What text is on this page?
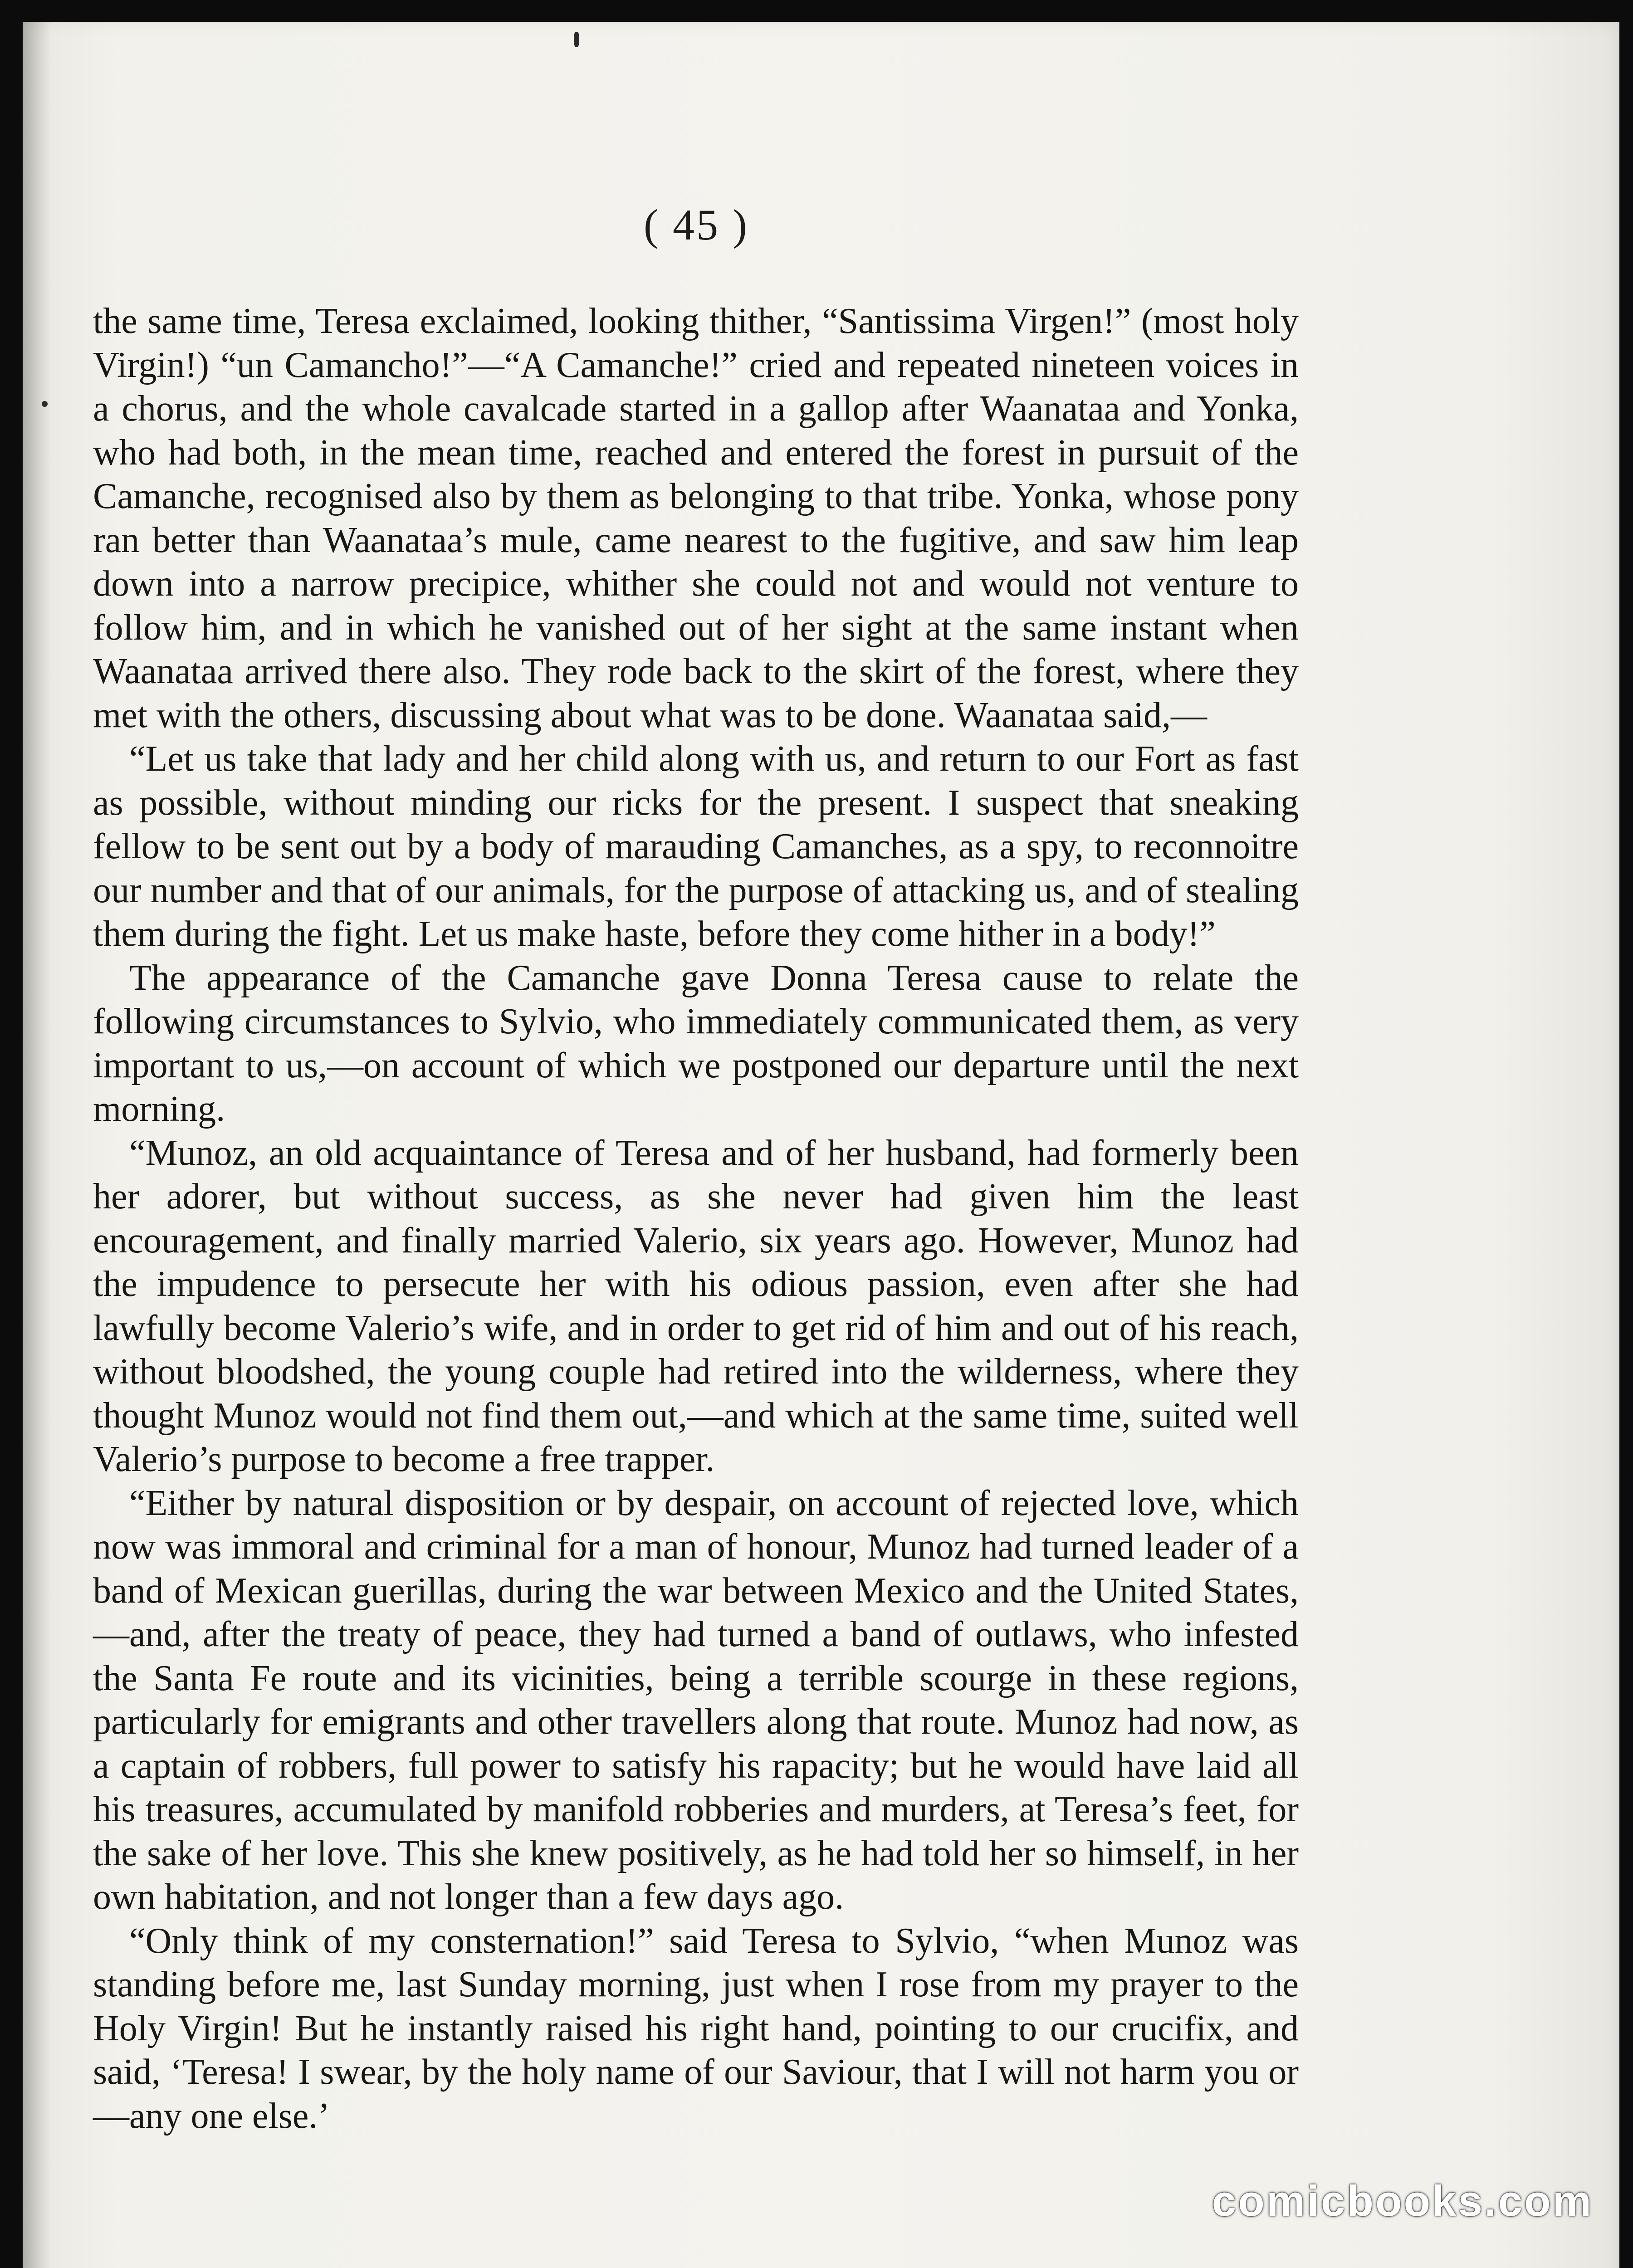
( 45 )

the same time, Teresa exclaimed, looking thither, “Santissima Virgen!” (most holy Virgin!) “un Camancho!”—“A Camanche!” cried and repeated nineteen voices in a chorus, and the whole cavalcade started in a gallop after Waanataa and Yonka, who had both, in the mean time, reached and entered the forest in pursuit of the Camanche, recognised also by them as belonging to that tribe. Yonka, whose pony ran better than Waanataa’s mule, came nearest to the fugitive, and saw him leap down into a narrow precipice, whither she could not and would not venture to follow him, and in which he vanished out of her sight at the same instant when Waanataa arrived there also. They rode back to the skirt of the forest, where they met with the others, discussing about what was to be done. Waanataa said,—

“Let us take that lady and her child along with us, and return to our Fort as fast as possible, without minding our ricks for the present. I suspect that sneaking fellow to be sent out by a body of marauding Camanches, as a spy, to reconnoitre our number and that of our animals, for the purpose of attacking us, and of stealing them during the fight. Let us make haste, before they come hither in a body!”

The appearance of the Camanche gave Donna Teresa cause to relate the following circumstances to Sylvio, who immediately communicated them, as very important to us,—on account of which we postponed our departure until the next morning.

“Munoz, an old acquaintance of Teresa and of her husband, had formerly been her adorer, but without success, as she never had given him the least encouragement, and finally married Valerio, six years ago. However, Munoz had the impudence to persecute her with his odious passion, even after she had lawfully become Valerio’s wife, and in order to get rid of him and out of his reach, without bloodshed, the young couple had retired into the wilderness, where they thought Munoz would not find them out,—and which at the same time, suited well Valerio’s purpose to become a free trapper.

“Either by natural disposition or by despair, on account of rejected love, which now was immoral and criminal for a man of honour, Munoz had turned leader of a band of Mexican guerillas, during the war between Mexico and the United States,—and, after the treaty of peace, they had turned a band of outlaws, who infested the Santa Fe route and its vicinities, being a terrible scourge in these regions, particularly for emigrants and other travellers along that route. Munoz had now, as a captain of robbers, full power to satisfy his rapacity; but he would have laid all his treasures, accumulated by manifold robberies and murders, at Teresa’s feet, for the sake of her love. This she knew positively, as he had told her so himself, in her own habitation, and not longer than a few days ago.

“Only think of my consternation!” said Teresa to Sylvio, “when Munoz was standing before me, last Sunday morning, just when I rose from my prayer to the Holy Virgin! But he instantly raised his right hand, pointing to our crucifix, and said, ‘Teresa! I swear, by the holy name of our Saviour, that I will not harm you or—any one else.’

comicbooks.com
